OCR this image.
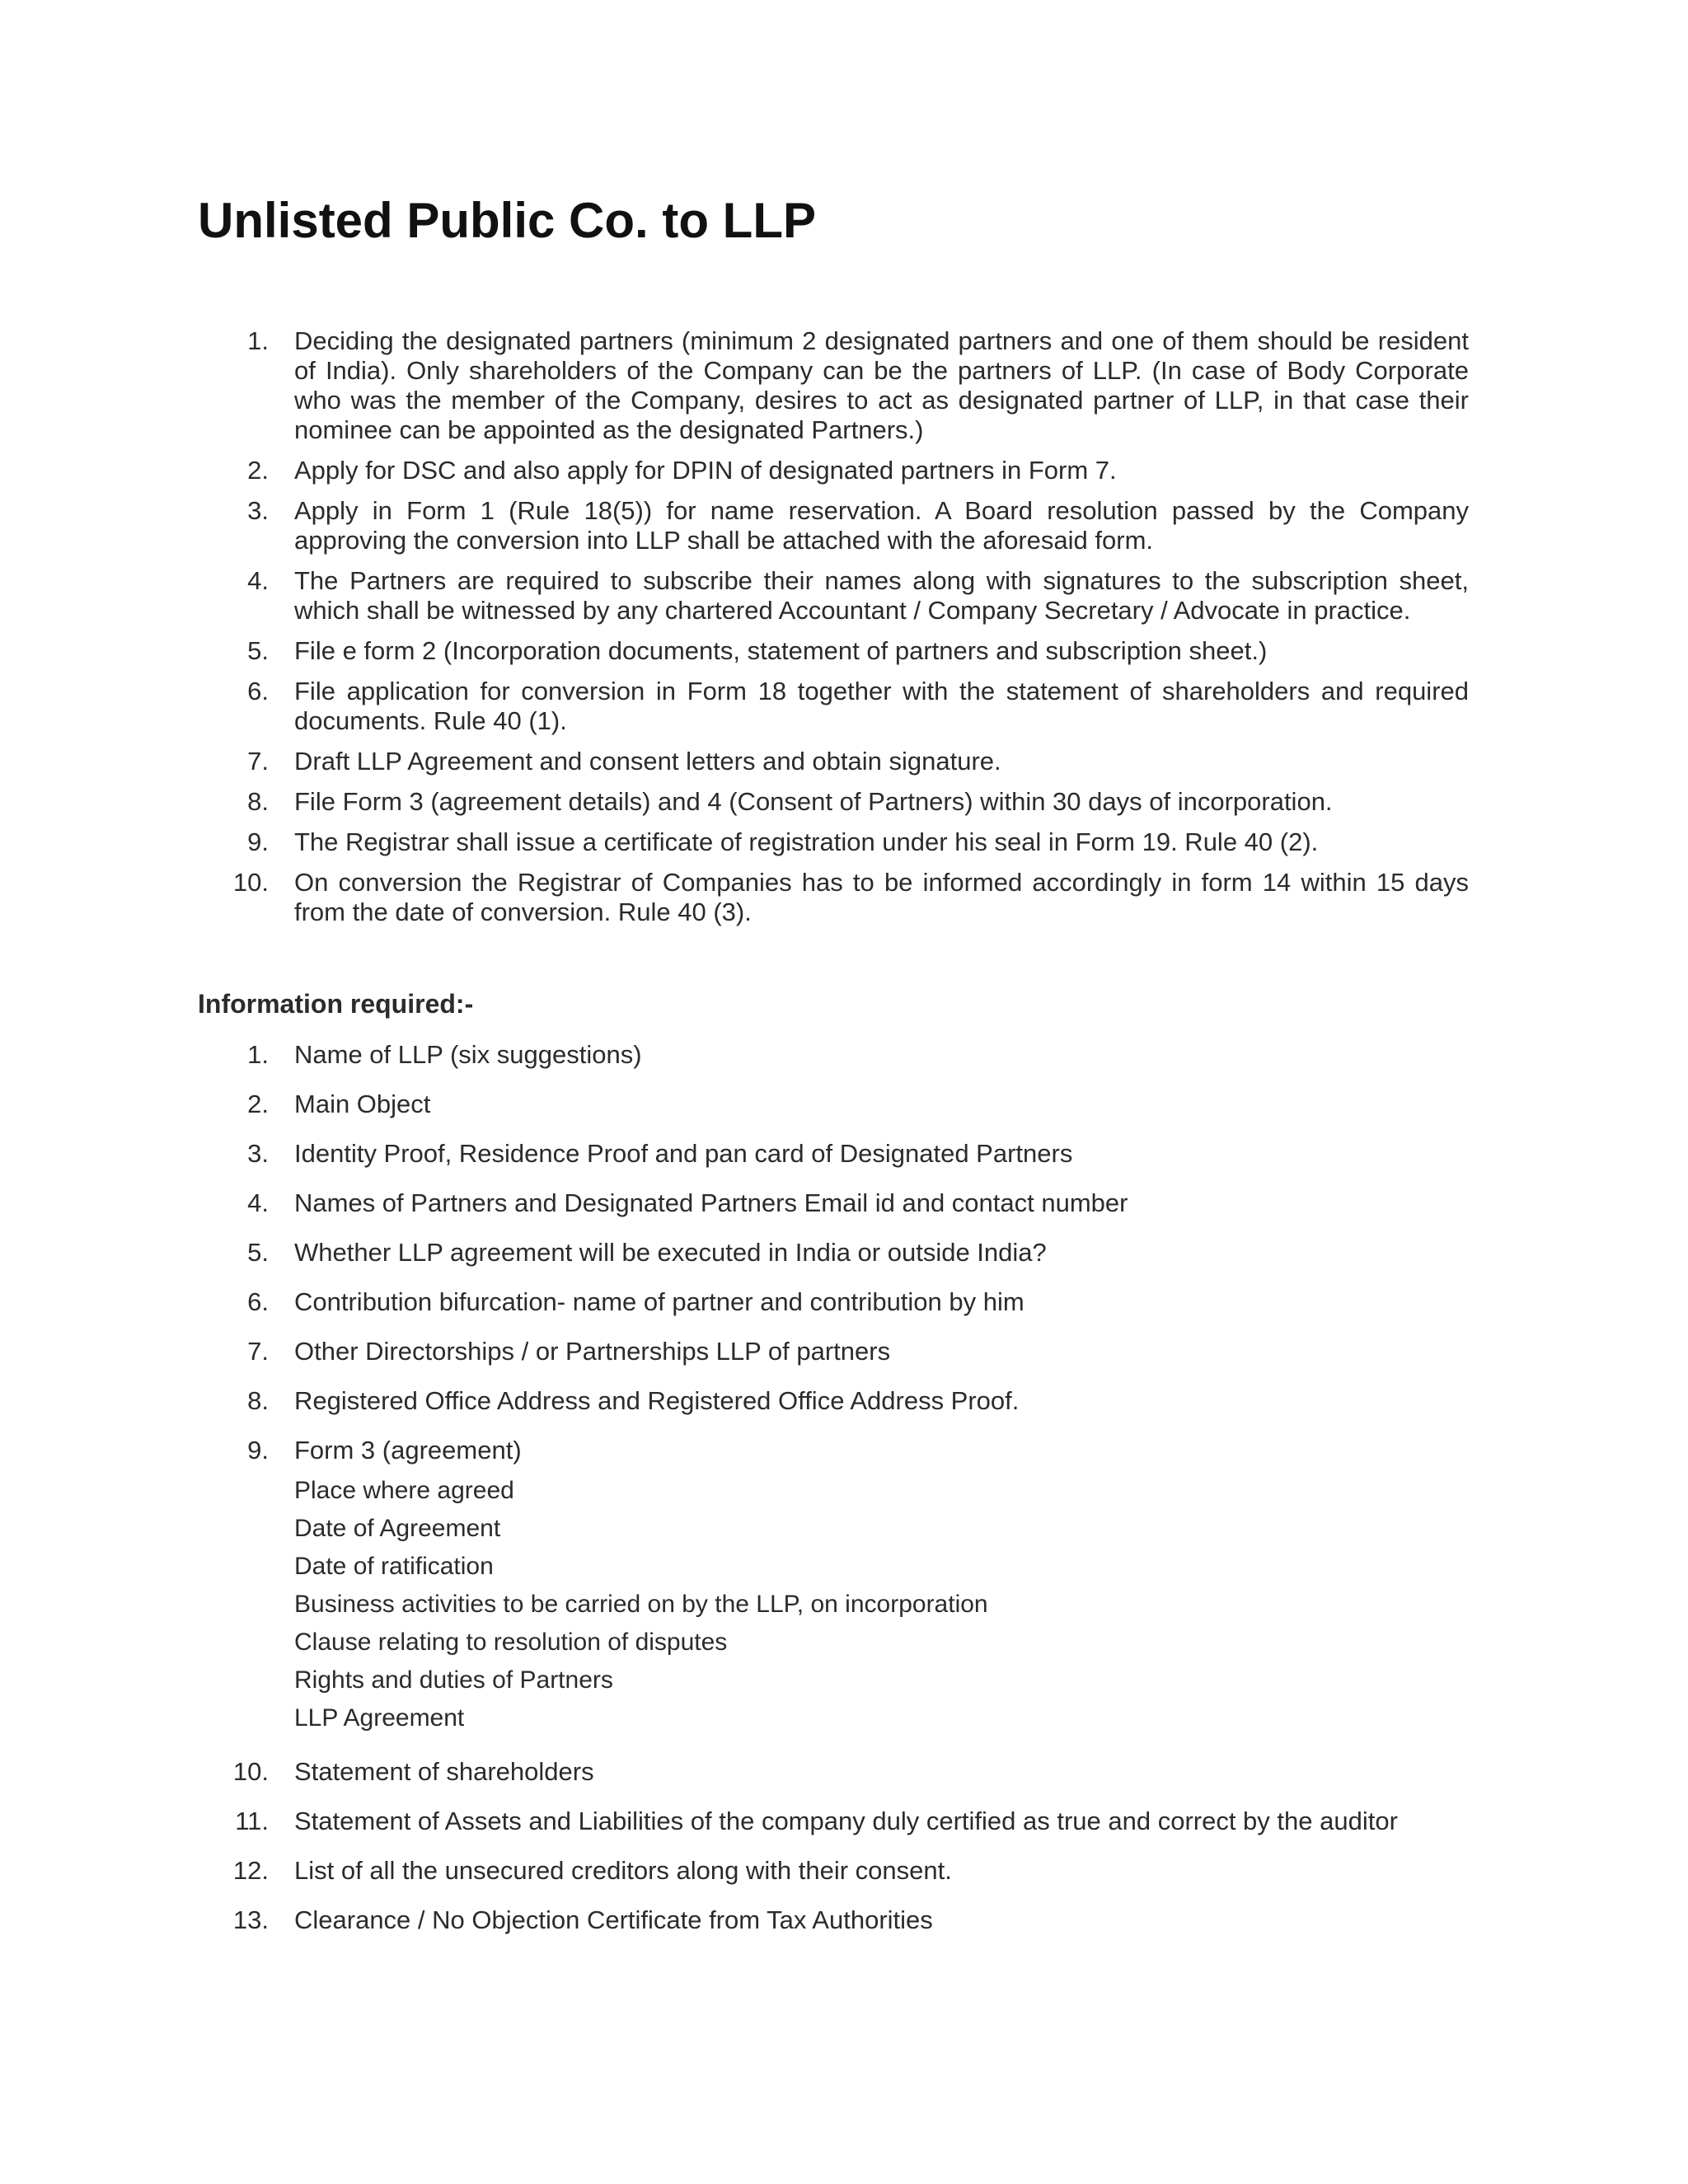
Unlisted Public Co. to LLP
1. Deciding the designated partners (minimum 2 designated partners and one of them should be resident of India). Only shareholders of the Company can be the partners of LLP. (In case of Body Corporate who was the member of the Company, desires to act as designated partner of LLP, in that case their nominee can be appointed as the designated Partners.)
2. Apply for DSC and also apply for DPIN of designated partners in Form 7.
3. Apply in Form 1 (Rule 18(5)) for name reservation. A Board resolution passed by the Company approving the conversion into LLP shall be attached with the aforesaid form.
4. The Partners are required to subscribe their names along with signatures to the subscription sheet, which shall be witnessed by any chartered Accountant / Company Secretary / Advocate in practice.
5. File e form 2 (Incorporation documents, statement of partners and subscription sheet.)
6. File application for conversion in Form 18 together with the statement of shareholders and required documents. Rule 40 (1).
7. Draft LLP Agreement and consent letters and obtain signature.
8. File Form 3 (agreement details) and 4 (Consent of Partners) within 30 days of incorporation.
9. The Registrar shall issue a certificate of registration under his seal in Form 19. Rule 40 (2).
10. On conversion the Registrar of Companies has to be informed accordingly in form 14 within 15 days from the date of conversion. Rule 40 (3).
Information required:-
1. Name of LLP (six suggestions)
2. Main Object
3. Identity Proof, Residence Proof and pan card of Designated Partners
4. Names of Partners and Designated Partners Email id and contact number
5. Whether LLP agreement will be executed in India or outside India?
6. Contribution bifurcation- name of partner and contribution by him
7. Other Directorships / or Partnerships LLP of partners
8. Registered Office Address and Registered Office Address Proof.
9. Form 3 (agreement)
Place where agreed
Date of Agreement
Date of ratification
Business activities to be carried on by the LLP, on incorporation
Clause relating to resolution of disputes
Rights and duties of Partners
LLP Agreement
10. Statement of shareholders
11. Statement of Assets and Liabilities of the company duly certified as true and correct by the auditor
12. List of all the unsecured creditors along with their consent.
13. Clearance / No Objection Certificate from Tax Authorities
